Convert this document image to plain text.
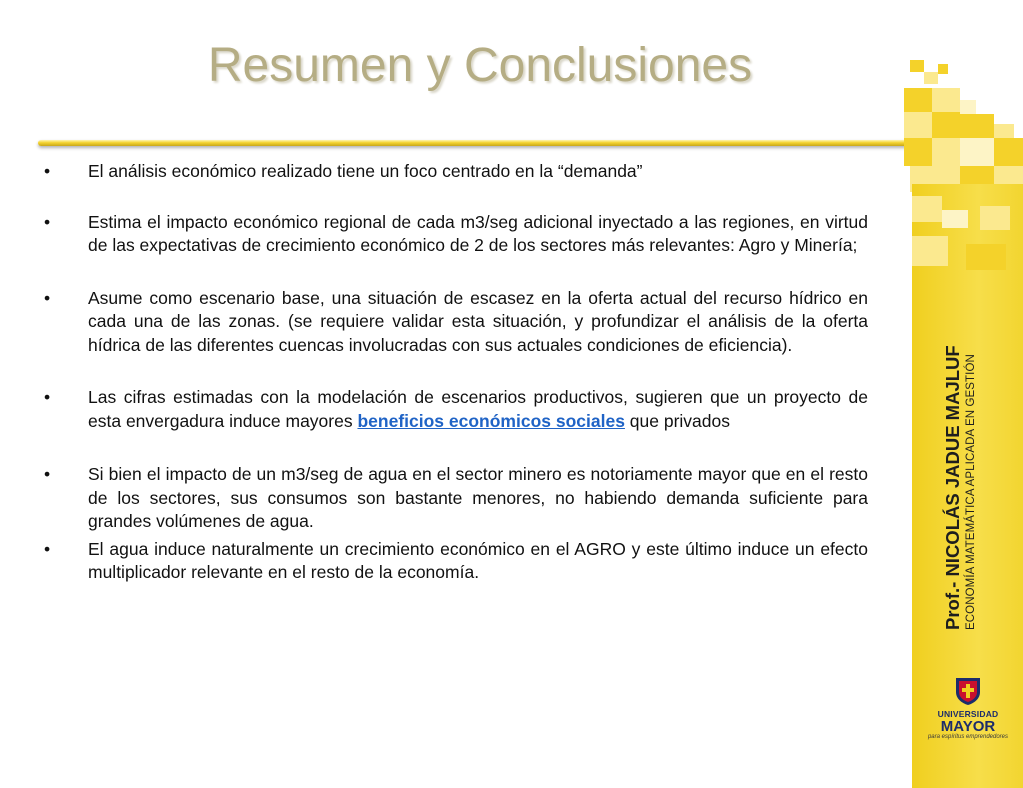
Resumen y Conclusiones
• El análisis económico realizado tiene un foco centrado en la “demanda”
• Estima el impacto económico regional de cada m3/seg adicional inyectado a las regiones, en virtud de las expectativas de crecimiento económico de 2 de los sectores más relevantes: Agro y Minería;
• Asume como escenario base, una situación de escasez en la oferta actual del recurso hídrico en cada una de las zonas. (se requiere validar esta situación, y profundizar el análisis de la oferta hídrica de las diferentes cuencas involucradas con sus actuales condiciones de eficiencia).
• Las cifras estimadas con la modelación de escenarios productivos, sugieren que un proyecto de esta envergadura induce mayores beneficios económicos sociales que privados
• Si bien el impacto de un m3/seg de agua en el sector minero es notoriamente mayor que en el resto de los sectores, sus consumos son bastante menores, no habiendo demanda suficiente para grandes volúmenes de agua.
• El agua induce naturalmente un crecimiento económico en el AGRO y este último induce un efecto multiplicador relevante en el resto de la economía.	Prof.- NICOLÁS JADUE MAJLUF ECONOMÍA MATEMÁTICA APLICADA EN GESTIÓN
UNIVERSIDAD
MAYOR
para espíritus emprendedores
